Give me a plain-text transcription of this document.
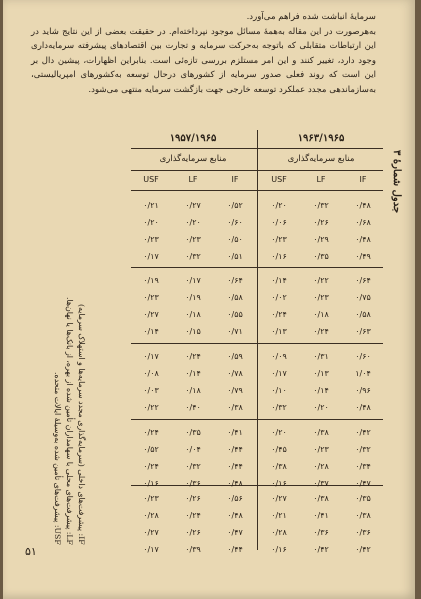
سرمایهٔ انباشت شده فراهم می‌آورد.

به‌هرصورت در این مقاله به‌همهٔ مسائل موجود نپرداخته‌ام. در حقیقت بعضی از این نتایج شاید در این ارتباطات متقابلی که باتوجه به‌حرکت سرمایه و تجارت بین اقتصادهای پیشرفته سرمایه‌داری وجود دارد، تغییر کنند و این امر مستلزم بررسی تازه‌ئی است. بنابراین اظهارات، پیشین دال بر این است که روند فعلی صدور سرمایه از کشورهای درحال توسعه به‌کشورهای امپریالیستی، به‌سازماندهی مجدد عملکرد توسعه خارجی جهت بازگشت سرمایه منتهی می‌شود.

جدول شمارهٔ ۳
۱۹۶۳/۱۹۶۵
۱۹۵۷/۱۹۶۵
منابع سرمایه‌گذاری
منابع سرمایه‌گذاری
IF
LF
USF
IF
LF
USF
۰/۴۸
۰/۳۲
۰/۲۰
۰/۶۸
۰/۲۶
۰/۰۶
۰/۴۸
۰/۲۹
۰/۲۳
۰/۴۹
۰/۳۵
۰/۱۶
۰/۵۲
۰/۲۷
۰/۲۱
۰/۶۰
۰/۲۰
۰/۲۰
۰/۵۰
۰/۲۳
۰/۲۳
۰/۵۱
۰/۳۲
۰/۱۷
۰/۶۴
۰/۲۲
۰/۱۴
۰/۷۵
۰/۲۳
۰/۰۲
۰/۵۸
۰/۱۸
۰/۲۴
۰/۶۳
۰/۲۴
۰/۱۳
۰/۶۴
۰/۱۷
۰/۱۹
۰/۵۸
۰/۱۹
۰/۲۳
۰/۵۵
۰/۱۸
۰/۲۷
۰/۷۱
۰/۱۵
۰/۱۴
۰/۶۰
۰/۳۱
۰/۰۹
۱/۰۴
۰/۱۳
۰/۱۷
۰/۹۶
۰/۱۴
۰/۱۰
۰/۴۸
۰/۲۰
۰/۳۲
۰/۵۹
۰/۲۴
۰/۱۷
۰/۷۸
۰/۱۴
۰/۰۸
۰/۷۹
۰/۱۸
۰/۰۳
۰/۳۸
۰/۴۰
۰/۲۲
۰/۴۲
۰/۳۸
۰/۲۰
۰/۳۲
۰/۲۳
۰/۴۵
۰/۳۴
۰/۲۸
۰/۳۸
۰/۴۷
۰/۳۷
۰/۱۶
۰/۴۱
۰/۳۵
۰/۲۴
۰/۴۴
۰/۰۴
۰/۵۲
۰/۴۴
۰/۳۲
۰/۲۴
۰/۴۸
۰/۳۶
۰/۱۶
۰/۳۵
۰/۳۸
۰/۲۷
۰/۳۸
۰/۴۱
۰/۲۱
۰/۳۶
۰/۳۶
۰/۲۸
۰/۴۲
۰/۴۲
۰/۱۶
۰/۵۶
۰/۲۶
۰/۲۳
۰/۴۸
۰/۲۴
۰/۲۸
۰/۴۷
۰/۲۶
۰/۲۷
۰/۴۴
۰/۳۹
۰/۱۷

IF: پیشرفت‌های داخلی (سرمایه‌گذاری مجدد سرمایه‌ها و استهلاک سرمایه)

LF: پیشرفت‌های محلی با سهامداران تأمین شده از بهره، از بانک‌ها یا نهان‌ها.

USF: پیشرفت‌های تأمین شده به‌وسیلهٔ ایالات متحده.

۵۱
